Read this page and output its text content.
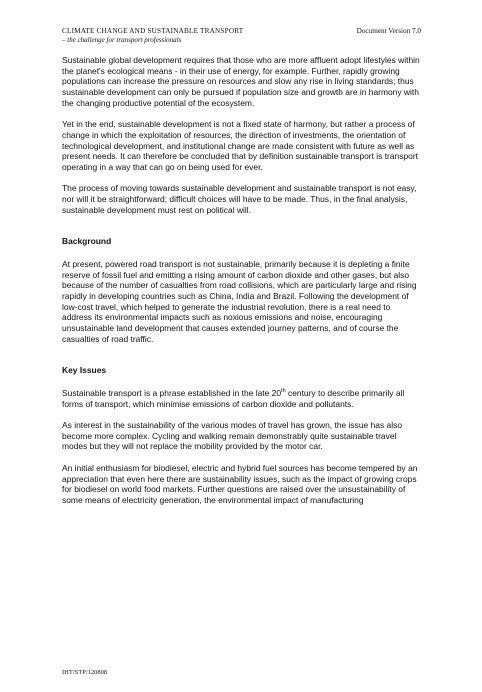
CLIMATE CHANGE AND SUSTAINABLE TRANSPORT
– the challenge for transport professionals
Document Version 7.0

Sustainable global development requires that those who are more affluent adopt lifestyles within the planet's ecological means - in their use of energy, for example. Further, rapidly growing populations can increase the pressure on resources and slow any rise in living standards; thus sustainable development can only be pursued if population size and growth are in harmony with the changing productive potential of the ecosystem.

Yet in the end, sustainable development is not a fixed state of harmony, but rather a process of change in which the exploitation of resources, the direction of investments, the orientation of technological development, and institutional change are made consistent with future as well as present needs. It can therefore be concluded that by definition sustainable transport is transport operating in a way that can go on being used for ever.

The process of moving towards sustainable development and sustainable transport is not easy, nor will it be straightforward; difficult choices will have to be made. Thus, in the final analysis, sustainable development must rest on political will.

Background

At present, powered road transport is not sustainable, primarily because it is depleting a finite reserve of fossil fuel and emitting a rising amount of carbon dioxide and other gases, but also because of the number of casualties from road collisions, which are particularly large and rising rapidly in developing countries such as China, India and Brazil. Following the development of low-cost travel, which helped to generate the industrial revolution, there is a real need to address its environmental impacts such as noxious emissions and noise, encouraging unsustainable land development that causes extended journey patterns, and of course the casualties of road traffic.

Key Issues

Sustainable transport is a phrase established in the late 20th century to describe primarily all forms of transport, which minimise emissions of carbon dioxide and pollutants.

As interest in the sustainability of the various modes of travel has grown, the issue has also become more complex. Cycling and walking remain demonstrably quite sustainable travel modes but they will not replace the mobility provided by the motor car.

An initial enthusiasm for biodiesel, electric and hybrid fuel sources has become tempered by an appreciation that even here there are sustainability issues, such as the impact of growing crops for biodiesel on world food markets. Further questions are raised over the unsustainability of some means of electricity generation, the environmental impact of manufacturing

IHT/STP/120808
